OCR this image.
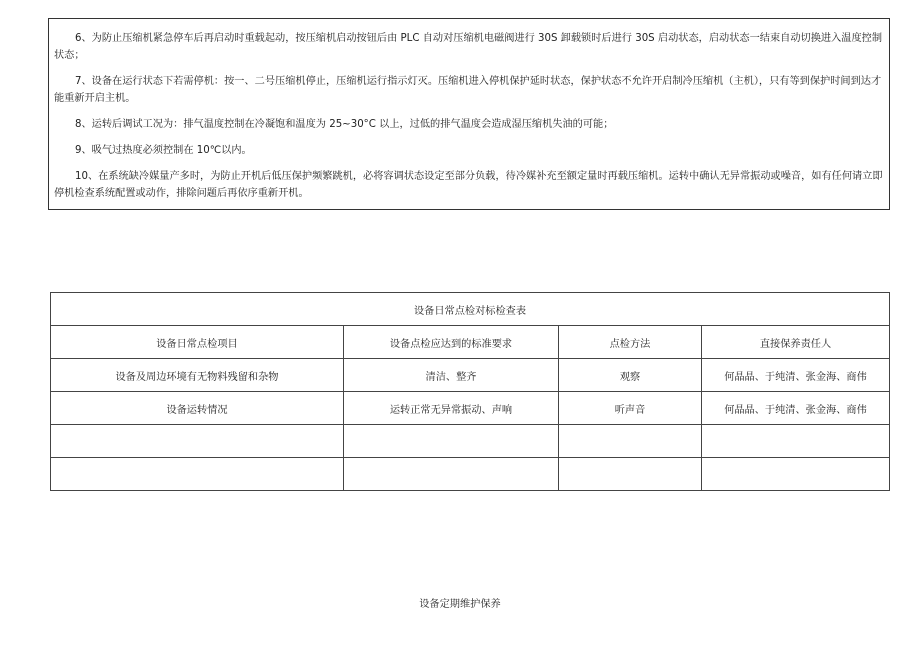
6、为防止压缩机紧急停车后再启动时重载起动，按压缩机启动按钮后由 PLC 自动对压缩机电磁阀进行 30S 卸载锁时后进行 30S 启动状态，启动状态一结束自动切换进入温度控制状态；

7、设备在运行状态下若需停机：按一、二号压缩机停止，压缩机运行指示灯灭。压缩机进入停机保护延时状态，保护状态不允许开启制冷压缩机（主机），只有等到保护时间到达才能重新开启主机。

8、运转后调试工况为：排气温度控制在冷凝饱和温度为 25~30°C 以上，过低的排气温度会造成湿压缩机失油的可能；

9、吸气过热度必须控制在 10℃以内。

10、在系统缺冷媒量产多时，为防止开机后低压保护频繁跳机，必将容调状态设定至部分负载，待冷媒补充至额定量时再载压缩机。运转中确认无异常振动或噪音，如有任何请立即停机检查系统配置或动作，排除问题后再依序重新开机。

设备日常点检对标检查表			
设备日常点检项目	设备点检应达到的标准要求	点检方法	直接保养责任人
设备及周边环境有无物料残留和杂物	清洁、整齐	观察	何晶晶、于纯清、张金海、商伟
设备运转情况	运转正常无异常振动、声响	听声音	何晶晶、于纯清、张金海、商伟

设备定期维护保养
